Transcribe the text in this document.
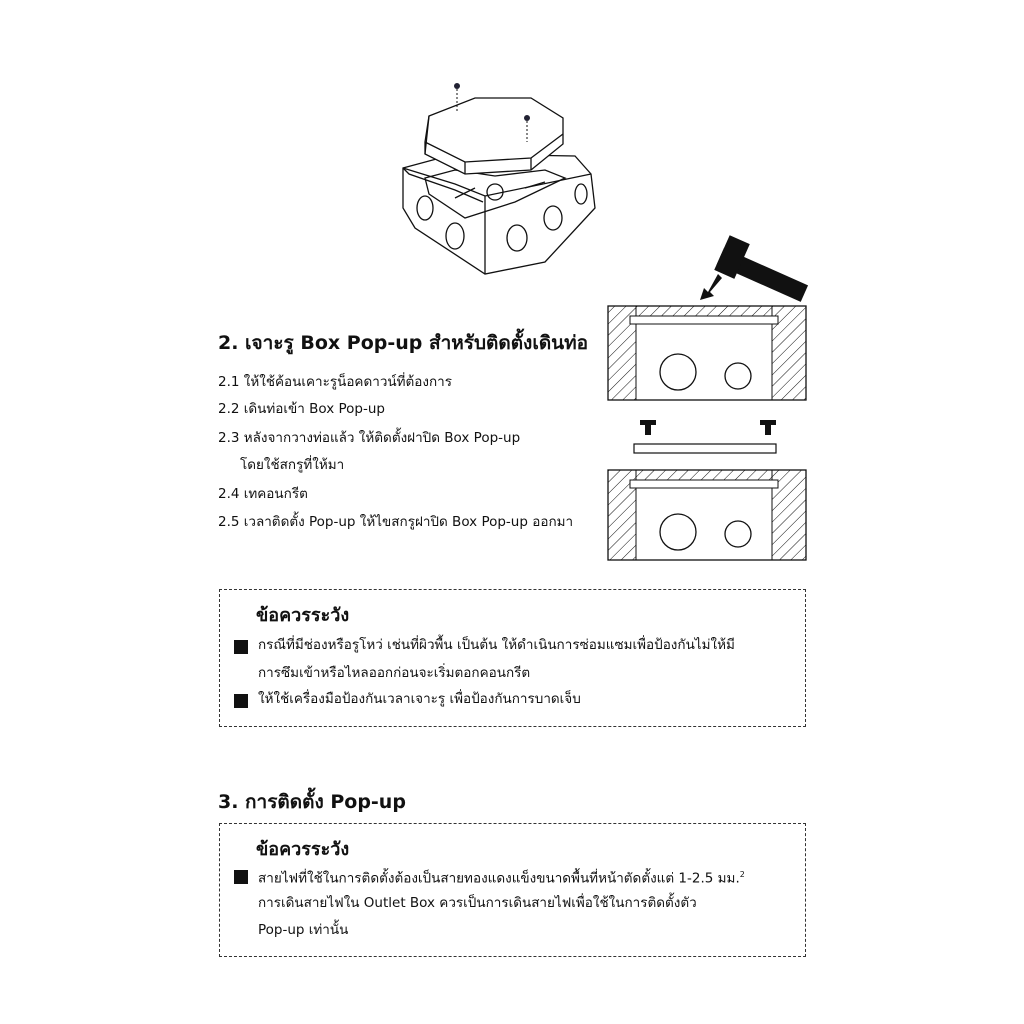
2. เจาะรู Box Pop-up สำหรับติดตั้งเดินท่อ
2.1 ให้ใช้ค้อนเคาะรูน็อคดาวน์ที่ต้องการ
2.2 เดินท่อเข้า Box Pop-up
2.3 หลังจากวางท่อแล้ว ให้ติดตั้งฝาปิด Box Pop-up
โดยใช้สกรูที่ให้มา
2.4 เทคอนกรีต
2.5 เวลาติดตั้ง Pop-up ให้ไขสกรูฝาปิด Box Pop-up ออกมา
ข้อควรระวัง
กรณีที่มีช่องหรือรูโหว่ เช่นที่ผิวพื้น เป็นต้น ให้ดำเนินการซ่อมแซมเพื่อป้องกันไม่ให้มี
การซึมเข้าหรือไหลออกก่อนจะเริ่มตอกคอนกรีต
ให้ใช้เครื่องมือป้องกันเวลาเจาะรู เพื่อป้องกันการบาดเจ็บ
3. การติดตั้ง Pop-up
ข้อควรระวัง
สายไฟที่ใช้ในการติดตั้งต้องเป็นสายทองแดงแข็งขนาดพื้นที่หน้าตัดตั้งแต่ 1-2.5 มม.$^2$
การเดินสายไฟใน Outlet Box ควรเป็นการเดินสายไฟเพื่อใช้ในการติดตั้งตัว
Pop-up เท่านั้น
